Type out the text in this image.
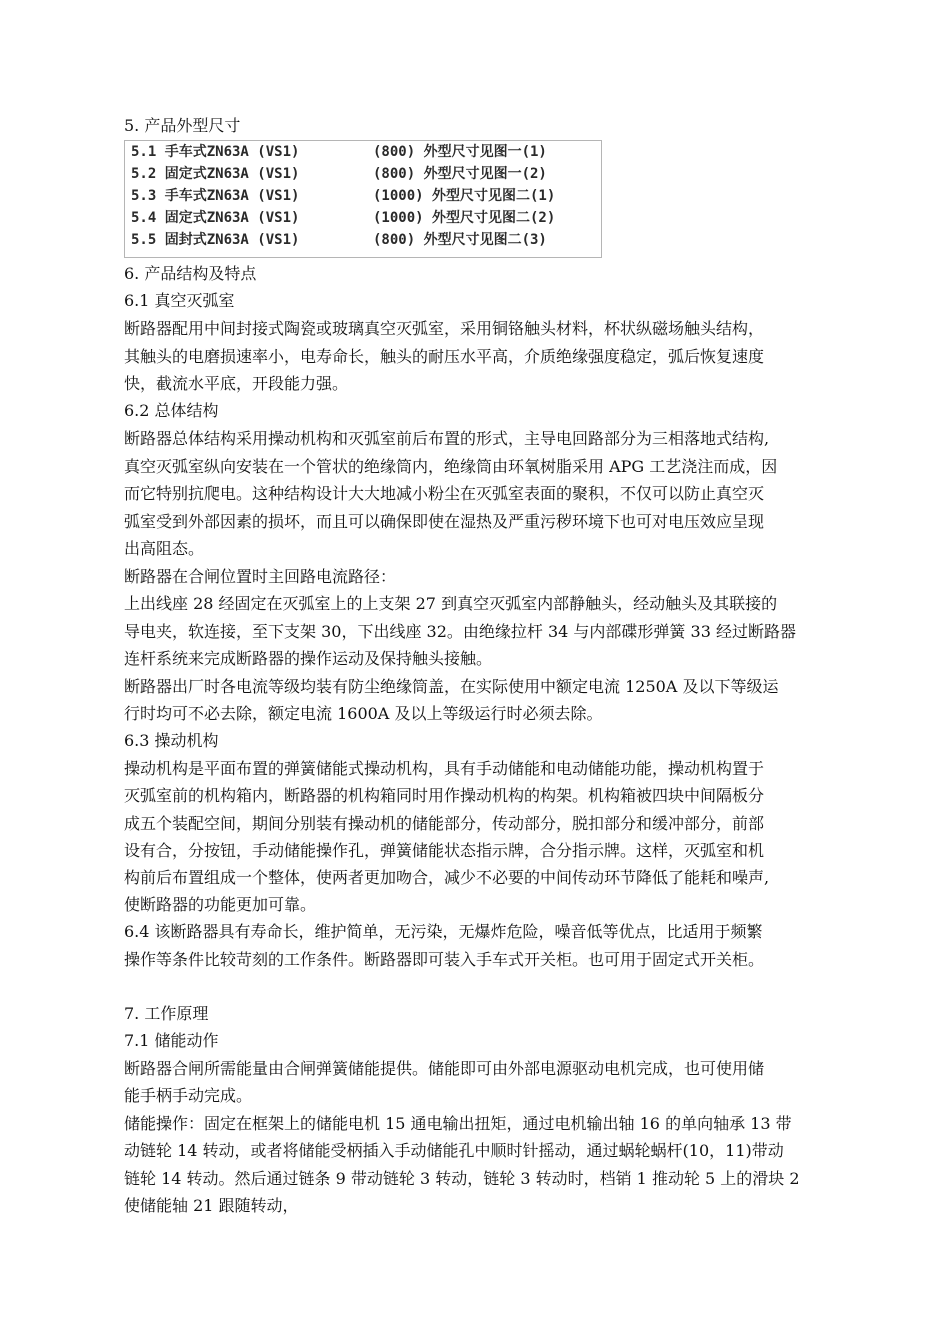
5. 产品外型尺寸

5.1 手车式ZN63A (VS1)	(800) 外型尺寸见图一(1)
5.2 固定式ZN63A (VS1)	(800) 外型尺寸见图一(2)
5.3 手车式ZN63A (VS1)	(1000) 外型尺寸见图二(1)
5.4 固定式ZN63A (VS1)	(1000) 外型尺寸见图二(2)
5.5 固封式ZN63A (VS1)	(800) 外型尺寸见图二(3)

6. 产品结构及特点

6.1 真空灭弧室

断路器配用中间封接式陶瓷或玻璃真空灭弧室，采用铜铬触头材料，杯状纵磁场触头结构，

其触头的电磨损速率小，电寿命长，触头的耐压水平高，介质绝缘强度稳定，弧后恢复速度

快，截流水平底，开段能力强。

6.2 总体结构

断路器总体结构采用操动机构和灭弧室前后布置的形式，主导电回路部分为三相落地式结构,

真空灭弧室纵向安装在一个管状的绝缘筒内，绝缘筒由环氧树脂采用 APG 工艺浇注而成，因

而它特别抗爬电。这种结构设计大大地减小粉尘在灭弧室表面的聚积，不仅可以防止真空灭

弧室受到外部因素的损坏，而且可以确保即使在湿热及严重污秽环境下也可对电压效应呈现

出高阻态。

断路器在合闸位置时主回路电流路径：

上出线座 28 经固定在灭弧室上的上支架 27 到真空灭弧室内部静触头，经动触头及其联接的

导电夹，软连接，至下支架 30，下出线座 32。由绝缘拉杆 34 与内部碟形弹簧 33 经过断路器

连杆系统来完成断路器的操作运动及保持触头接触。

断路器出厂时各电流等级均装有防尘绝缘筒盖，在实际使用中额定电流 1250A 及以下等级运

行时均可不必去除，额定电流 1600A 及以上等级运行时必须去除。

6.3 操动机构

操动机构是平面布置的弹簧储能式操动机构，具有手动储能和电动储能功能，操动机构置于

灭弧室前的机构箱内，断路器的机构箱同时用作操动机构的构架。机构箱被四块中间隔板分

成五个装配空间，期间分别装有操动机的储能部分，传动部分，脱扣部分和缓冲部分，前部

设有合，分按钮，手动储能操作孔，弹簧储能状态指示牌，合分指示牌。这样，灭弧室和机

构前后布置组成一个整体，使两者更加吻合，减少不必要的中间传动环节降低了能耗和噪声,

使断路器的功能更加可靠。

6.4 该断路器具有寿命长，维护简单，无污染，无爆炸危险，噪音低等优点，比适用于频繁

操作等条件比较苛刻的工作条件。断路器即可装入手车式开关柜。也可用于固定式开关柜。

7. 工作原理

7.1 储能动作

断路器合闸所需能量由合闸弹簧储能提供。储能即可由外部电源驱动电机完成，也可使用储

能手柄手动完成。

储能操作：固定在框架上的储能电机 15 通电输出扭矩，通过电机输出轴 16 的单向轴承 13 带

动链轮 14 转动，或者将储能受柄插入手动储能孔中顺时针摇动，通过蜗轮蜗杆(10，11)带动

链轮 14 转动。然后通过链条 9 带动链轮 3 转动，链轮 3 转动时，档销 1 推动轮 5 上的滑块 2

使储能轴 21 跟随转动，
